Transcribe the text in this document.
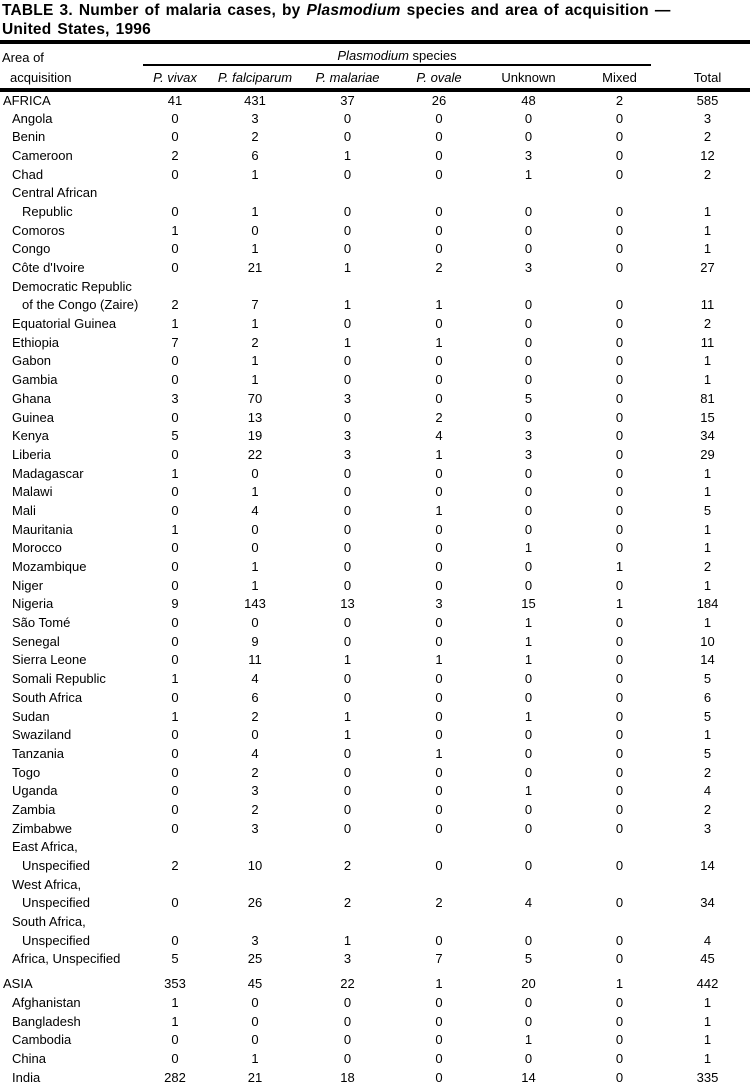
TABLE 3. Number of malaria cases, by Plasmodium species and area of acquisition —
United States, 1996
Area of	Plasmodium species						

acquisition	P. vivax	P. falciparum	P. malariae	P. ovale	Unknown	Mixed	Total
AFRICA	41	431	37	26	48	2	585
Angola	0	3	0	0	0	0	3
Benin	0	2	0	0	0	0	2
Cameroon	2	6	1	0	3	0	12
Chad	0	1	0	0	1	0	2
Central African							
Republic	0	1	0	0	0	0	1
Comoros	1	0	0	0	0	0	1
Congo	0	1	0	0	0	0	1
Côte d'Ivoire	0	21	1	2	3	0	27
Democratic Republic							
of the Congo (Zaire)	2	7	1	1	0	0	11
Equatorial Guinea	1	1	0	0	0	0	2
Ethiopia	7	2	1	1	0	0	11
Gabon	0	1	0	0	0	0	1
Gambia	0	1	0	0	0	0	1
Ghana	3	70	3	0	5	0	81
Guinea	0	13	0	2	0	0	15
Kenya	5	19	3	4	3	0	34
Liberia	0	22	3	1	3	0	29
Madagascar	1	0	0	0	0	0	1
Malawi	0	1	0	0	0	0	1
Mali	0	4	0	1	0	0	5
Mauritania	1	0	0	0	0	0	1
Morocco	0	0	0	0	1	0	1
Mozambique	0	1	0	0	0	1	2
Niger	0	1	0	0	0	0	1
Nigeria	9	143	13	3	15	1	184
São Tomé	0	0	0	0	1	0	1
Senegal	0	9	0	0	1	0	10
Sierra Leone	0	11	1	1	1	0	14
Somali Republic	1	4	0	0	0	0	5
South Africa	0	6	0	0	0	0	6
Sudan	1	2	1	0	1	0	5
Swaziland	0	0	1	0	0	0	1
Tanzania	0	4	0	1	0	0	5
Togo	0	2	0	0	0	0	2
Uganda	0	3	0	0	1	0	4
Zambia	0	2	0	0	0	0	2
Zimbabwe	0	3	0	0	0	0	3
East Africa,							
Unspecified	2	10	2	0	0	0	14
West Africa,							
Unspecified	0	26	2	2	4	0	34
South Africa,							
Unspecified	0	3	1	0	0	0	4
Africa, Unspecified	5	25	3	7	5	0	45
ASIA	353	45	22	1	20	1	442
Afghanistan	1	0	0	0	0	0	1
Bangladesh	1	0	0	0	0	0	1
Cambodia	0	0	0	0	1	0	1
China	0	1	0	0	0	0	1
India	282	21	18	0	14	0	335
